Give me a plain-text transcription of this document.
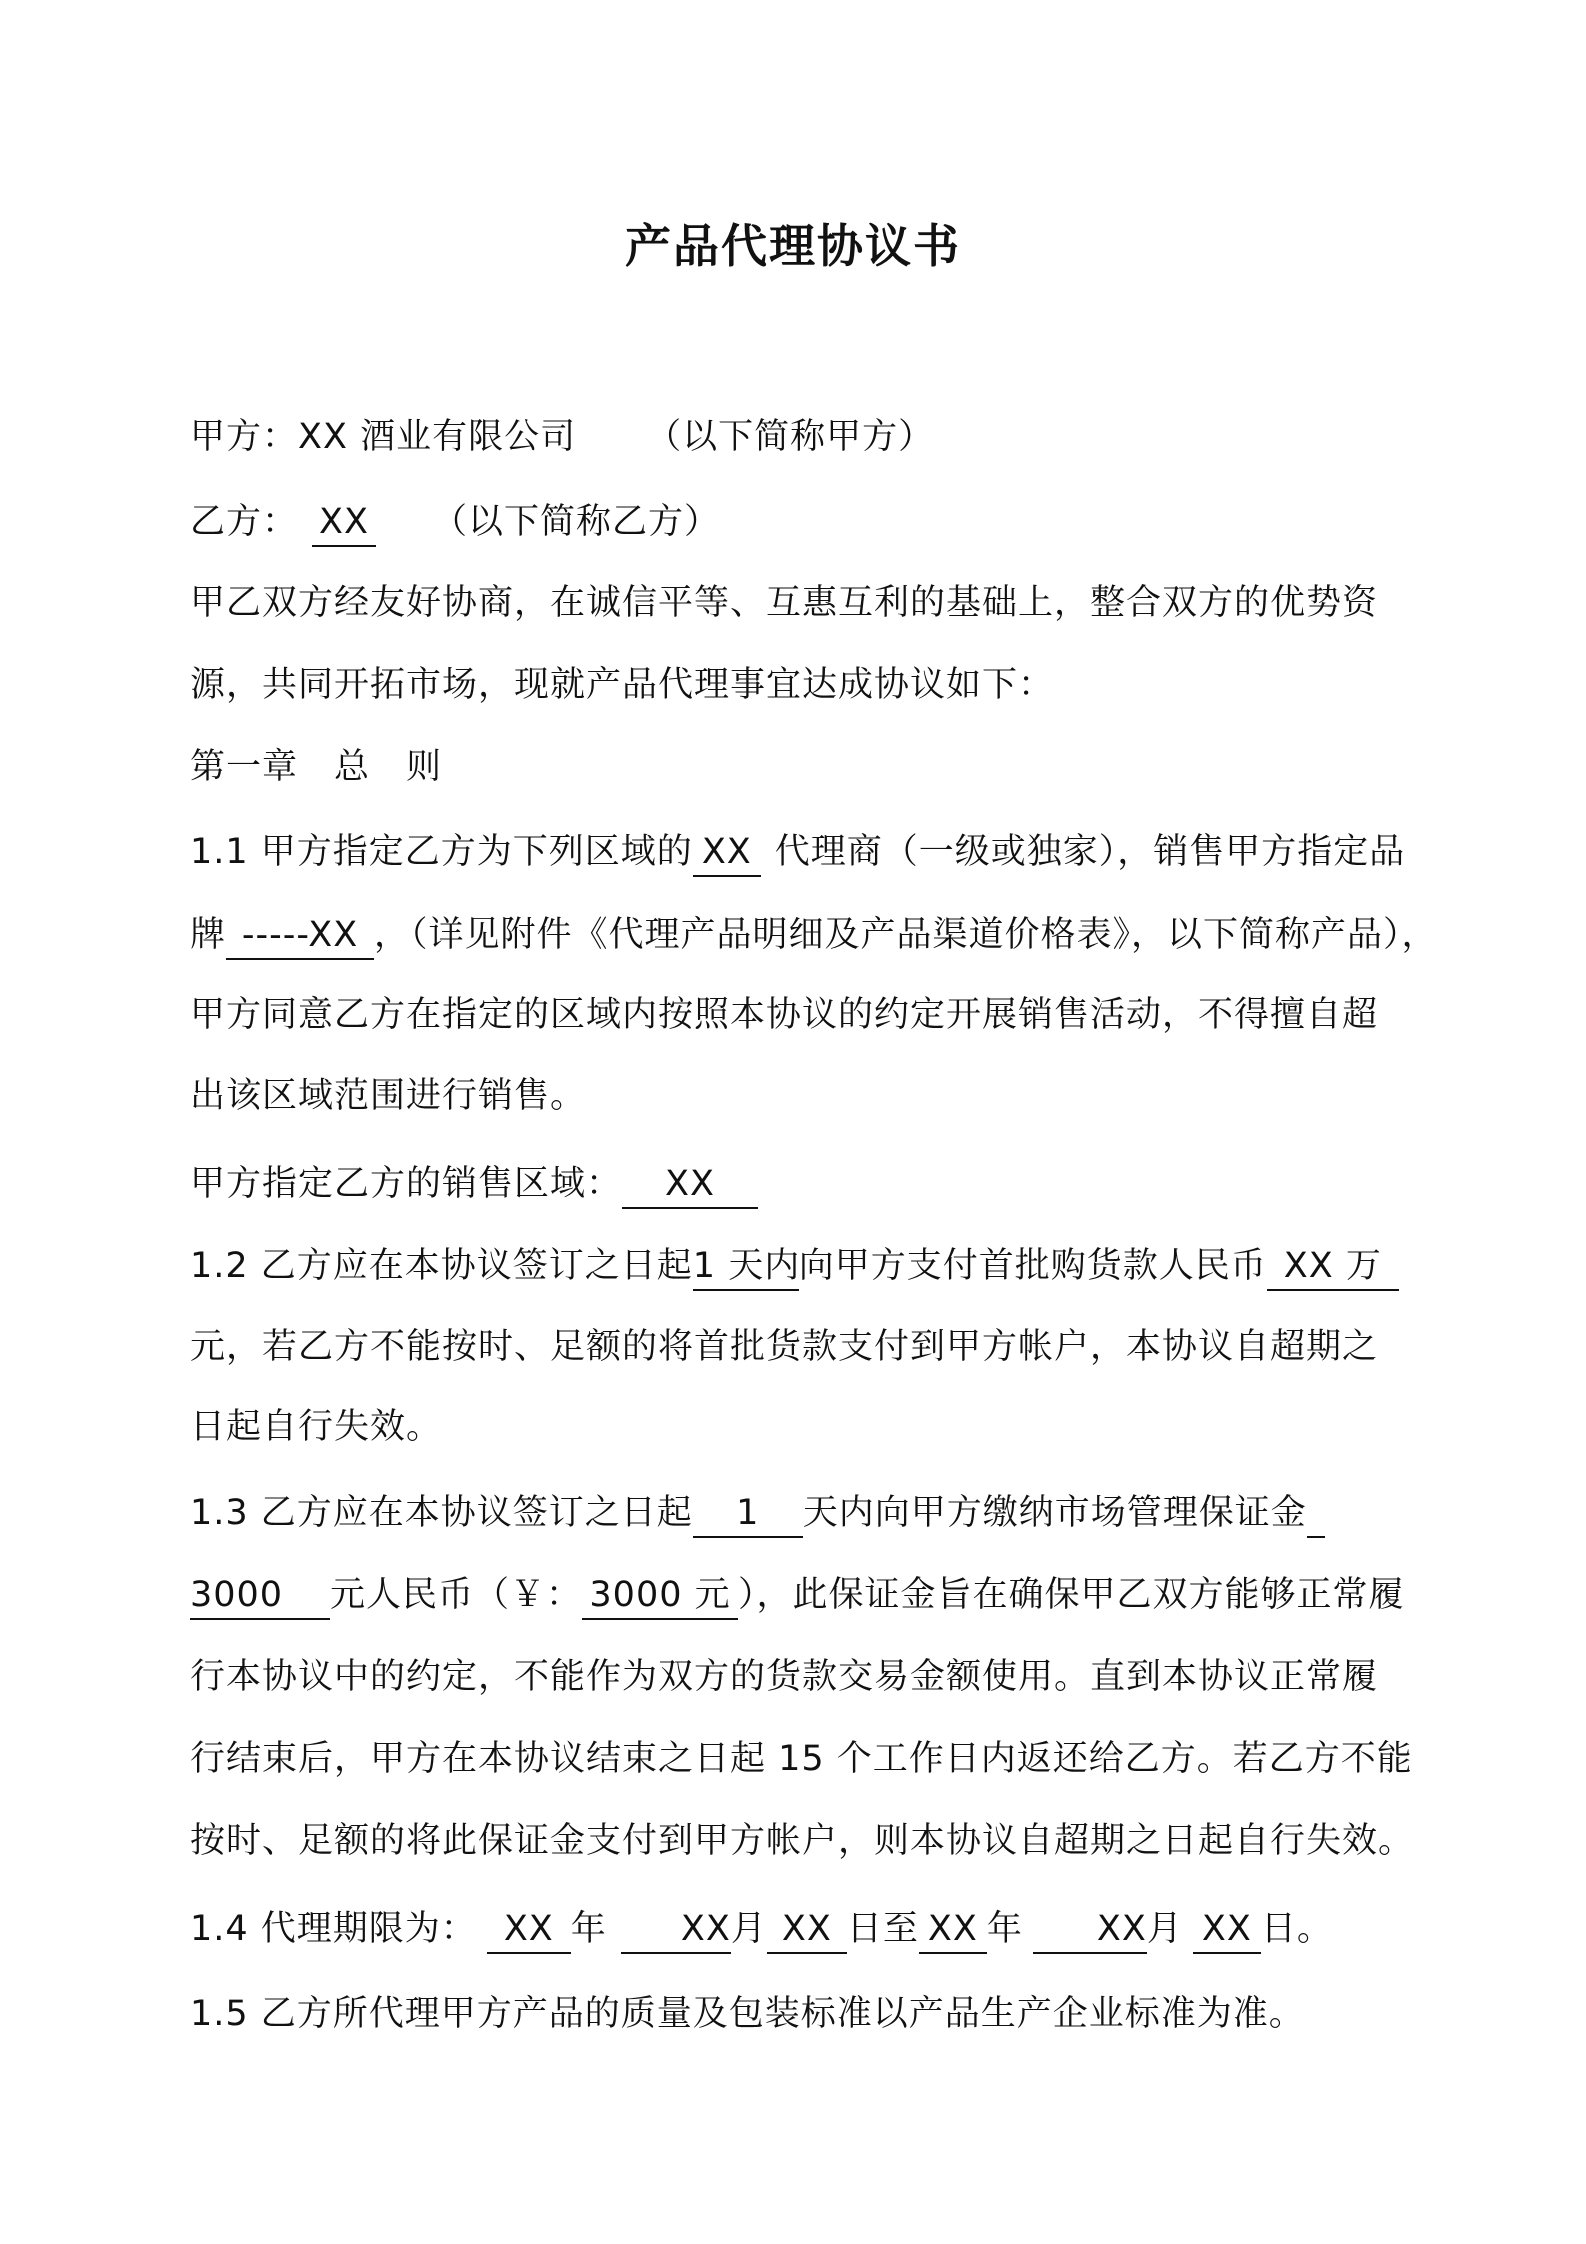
产品代理协议书
甲方：XX 酒业有限公司 （以下简称甲方）
乙方： XX （以下简称乙方）
甲乙双方经友好协商，在诚信平等、互惠互利的基础上，整合双方的优势资
源，共同开拓市场，现就产品代理事宜达成协议如下：
第一章　总　则
1.1 甲方指定乙方为下列区域的 XX 代理商（一级或独家），销售甲方指定品
牌 -----XX ，（详见附件《代理产品明细及产品渠道价格表》，以下简称产品），
甲方同意乙方在指定的区域内按照本协议的约定开展销售活动，不得擅自超
出该区域范围进行销售。
甲方指定乙方的销售区域： XX
1.2 乙方应在本协议签订之日起1 天内向甲方支付首批购货款人民币 XX 万
元，若乙方不能按时、足额的将首批货款支付到甲方帐户，本协议自超期之
日起自行失效。
1.3 乙方应在本协议签订之日起 1 天内向甲方缴纳市场管理保证金
3000 元人民币（￥： 3000 元 ），此保证金旨在确保甲乙双方能够正常履
行本协议中的约定，不能作为双方的货款交易金额使用。直到本协议正常履
行结束后，甲方在本协议结束之日起 15 个工作日内返还给乙方。若乙方不能
按时、足额的将此保证金支付到甲方帐户，则本协议自超期之日起自行失效。
1.4 代理期限为： XX 年 XX月 XX 日至 XX 年 XX月 XX 日。
1.5 乙方所代理甲方产品的质量及包装标准以产品生产企业标准为准。
